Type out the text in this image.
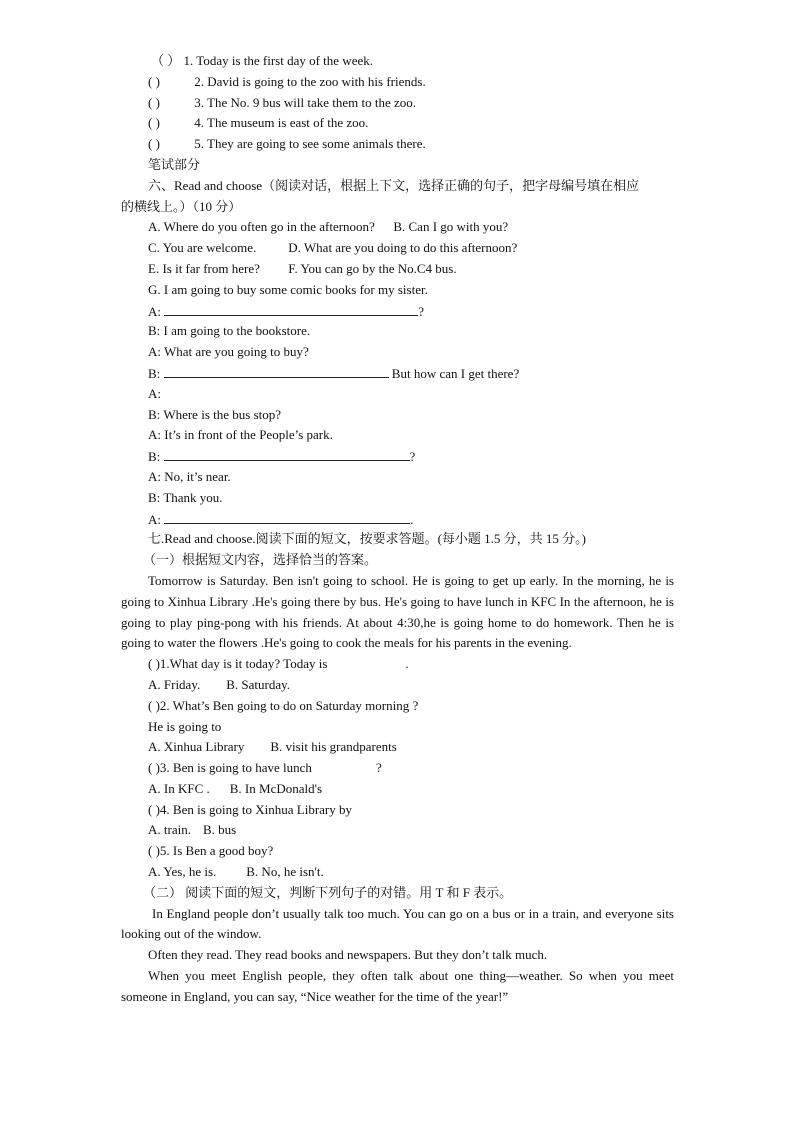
（ ） 1. Today is the first day of the week.
( )	2. David is going to the zoo with his friends.
( )	3. The No. 9 bus will take them to the zoo.
( )	4. The museum is east of the zoo.
( )	5. They are going to see some animals there.
笔试部分
六、Read and choose（阅读对话，根据上下文，选择正确的句子，把字母编号填在相应
的横线上。）（10 分）
A. Where do you often go in the afternoon? B. Can I go with you?
C. You are welcome. D. What are you doing to do this afternoon?
E. Is it far from here? F. You can go by the No.C4 bus.
G. I am going to buy some comic books for my sister.
A:	?
B: I am going to the bookstore.
A: What are you going to buy?
B:	But how can I get there?
A:
B: Where is the bus stop?
A: It’s in front of the People’s park.
B:	?
A: No, it’s near.
B: Thank you.
A:	.
七.Read and choose.阅读下面的短文，按要求答题。(每小题 1.5 分，共 15 分。)
（一）根据短文内容，选择恰当的答案。
Tomorrow is Saturday. Ben isn't going to school. He is going to get up early. In the morning, he is going to Xinhua Library .He's going there by bus. He's going to have lunch in KFC In the afternoon, he is going to play ping-pong with his friends. At about 4:30,he is going home to do homework. Then he is going to water the flowers .He's going to cook the meals for his parents in the evening.
( )1.What day is it today? Today is	.
A. Friday. B. Saturday.
( )2. What’s Ben going to do on Saturday morning ?
He is going to
A. Xinhua Library B. visit his grandparents
( )3. Ben is going to have lunch	?
A. In KFC . B. In McDonald's
( )4. Ben is going to Xinhua Library by
A. train. B. bus
( )5. Is Ben a good boy?
A. Yes, he is. B. No, he isn't.
（二） 阅读下面的短文，判断下列句子的对错。用 T 和 F 表示。
In England people don’t usually talk too much. You can go on a bus or in a train, and everyone sits looking out of the window.
Often they read. They read books and newspapers. But they don’t talk much.
When you meet English people, they often talk about one thing—weather. So when you meet someone in England, you can say, “Nice weather for the time of the year!”
